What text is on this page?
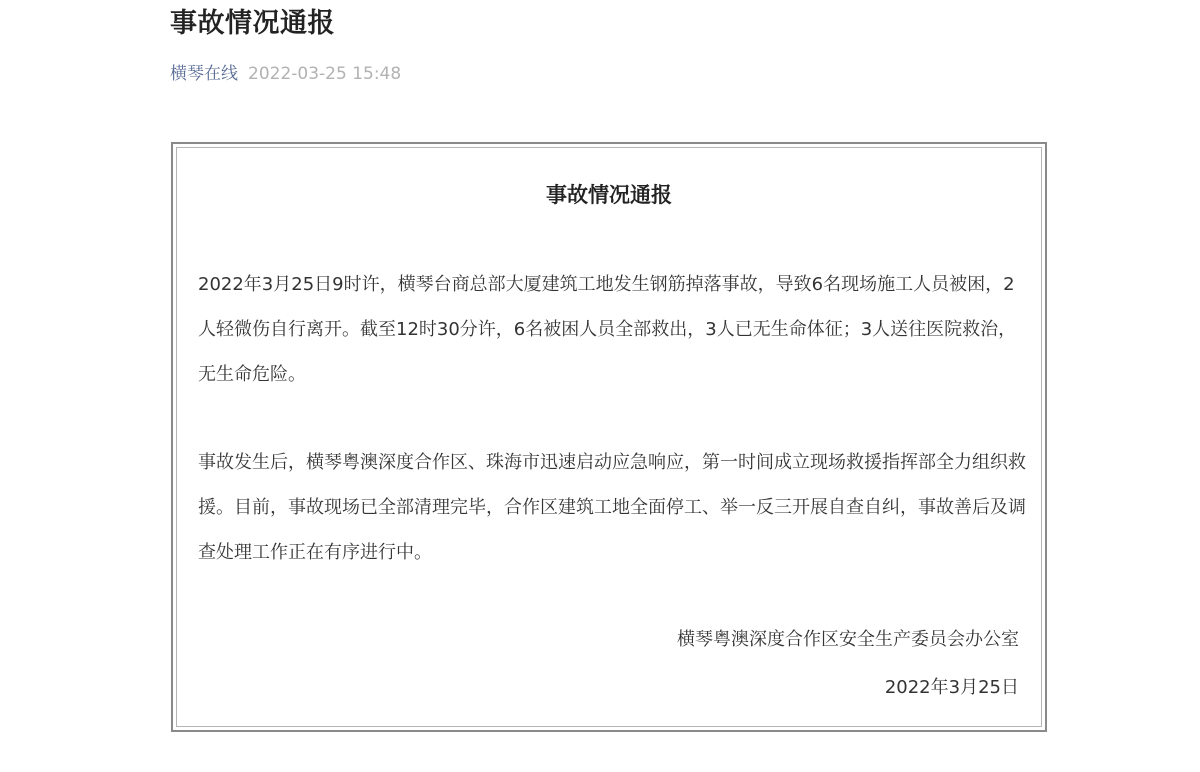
事故情况通报
横琴在线 2022-03-25 15:48
事故情况通报

2022年3月25日9时许，横琴台商总部大厦建筑工地发生钢筋掉落事故，导致6名现场施工人员被困，2人轻微伤自行离开。截至12时30分许，6名被困人员全部救出，3人已无生命体征；3人送往医院救治，无生命危险。

事故发生后，横琴粤澳深度合作区、珠海市迅速启动应急响应，第一时间成立现场救援指挥部全力组织救援。目前，事故现场已全部清理完毕，合作区建筑工地全面停工、举一反三开展自查自纠，事故善后及调查处理工作正在有序进行中。

横琴粤澳深度合作区安全生产委员会办公室
2022年3月25日
